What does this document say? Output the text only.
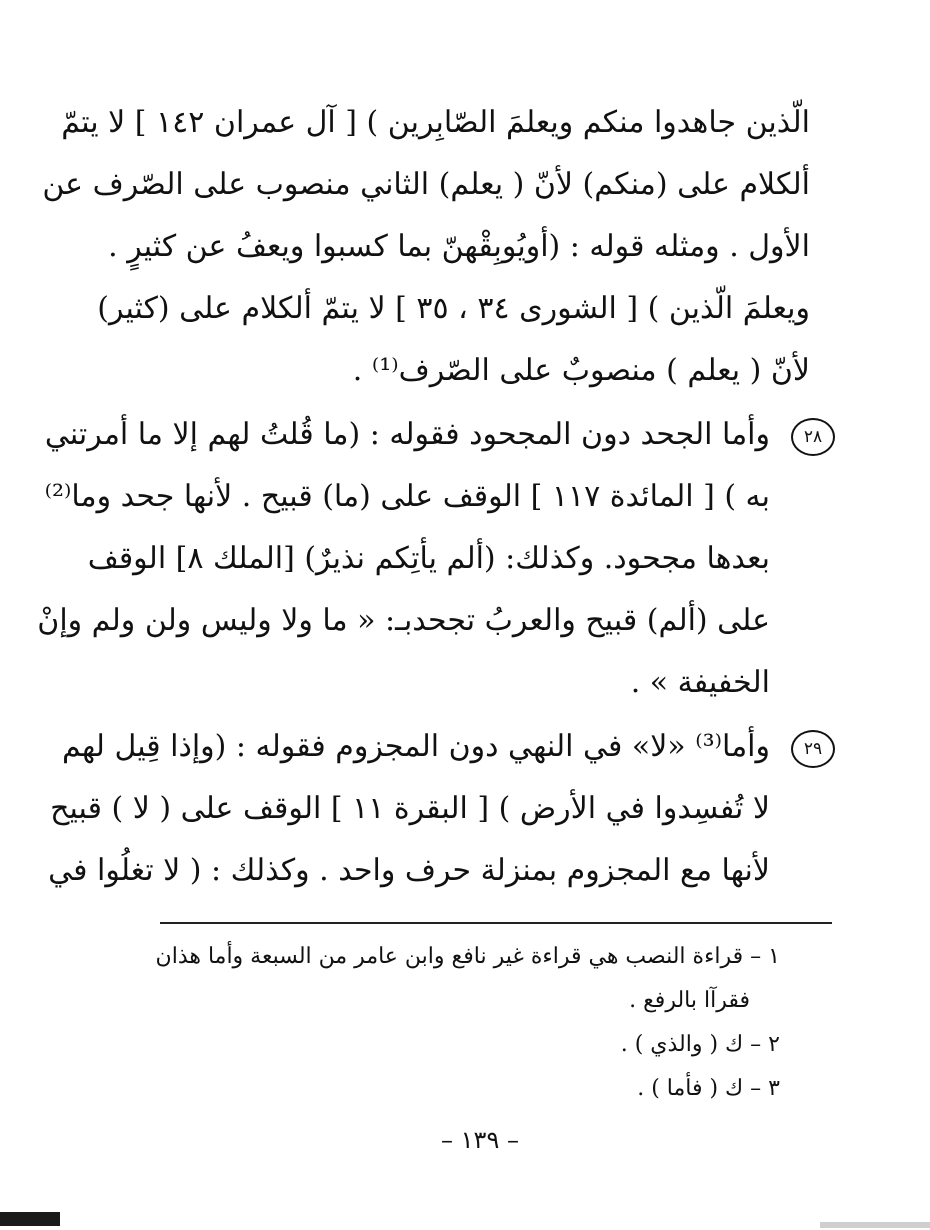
الّذين جاهدوا منكم ويعلمَ الصّابِرين ) [ آل عمران ١٤٢ ] لا يتمّ
ألكلام على (منكم) لأنّ ( يعلم) الثاني منصوب على الصّرف عن
الأول . ومثله قوله : (أويُوبِقْهنّ بما كسبوا ويعفُ عن كثيرٍ .
ويعلمَ الّذين ) [ الشورى ٣٤ ، ٣٥ ] لا يتمّ ألكلام على (كثير)
لأنّ ( يعلم ) منصوبٌ على الصّرف⁽¹⁾ .
٢٨
وأما الجحد دون المجحود فقوله : (ما قُلتُ لهم إلا ما أمرتني
به ) [ المائدة ١١٧ ] الوقف على (ما) قبيح . لأنها جحد وما⁽²⁾
بعدها مجحود. وكذلك: (ألم يأتِكم نذيرٌ) [الملك ٨] الوقف
على (ألم) قبيح والعربُ تجحدبـ: « ما ولا وليس ولن ولم وإنْ
الخفيفة » .
٢٩
وأما⁽³⁾ «لا» في النهي دون المجزوم فقوله : (وإذا قِيل لهم
لا تُفسِدوا في الأرض ) [ البقرة ١١ ] الوقف على ( لا ) قبيح
لأنها مع المجزوم بمنزلة حرف واحد . وكذلك : ( لا تغلُوا في
١ – قراءة النصب هي قراءة غير نافع وابن عامر من السبعة وأما هذان
فقرآا بالرفع .
٢ – ك ( والذي ) .
٣ – ك ( فأما ) .
– ١٣٩ –
